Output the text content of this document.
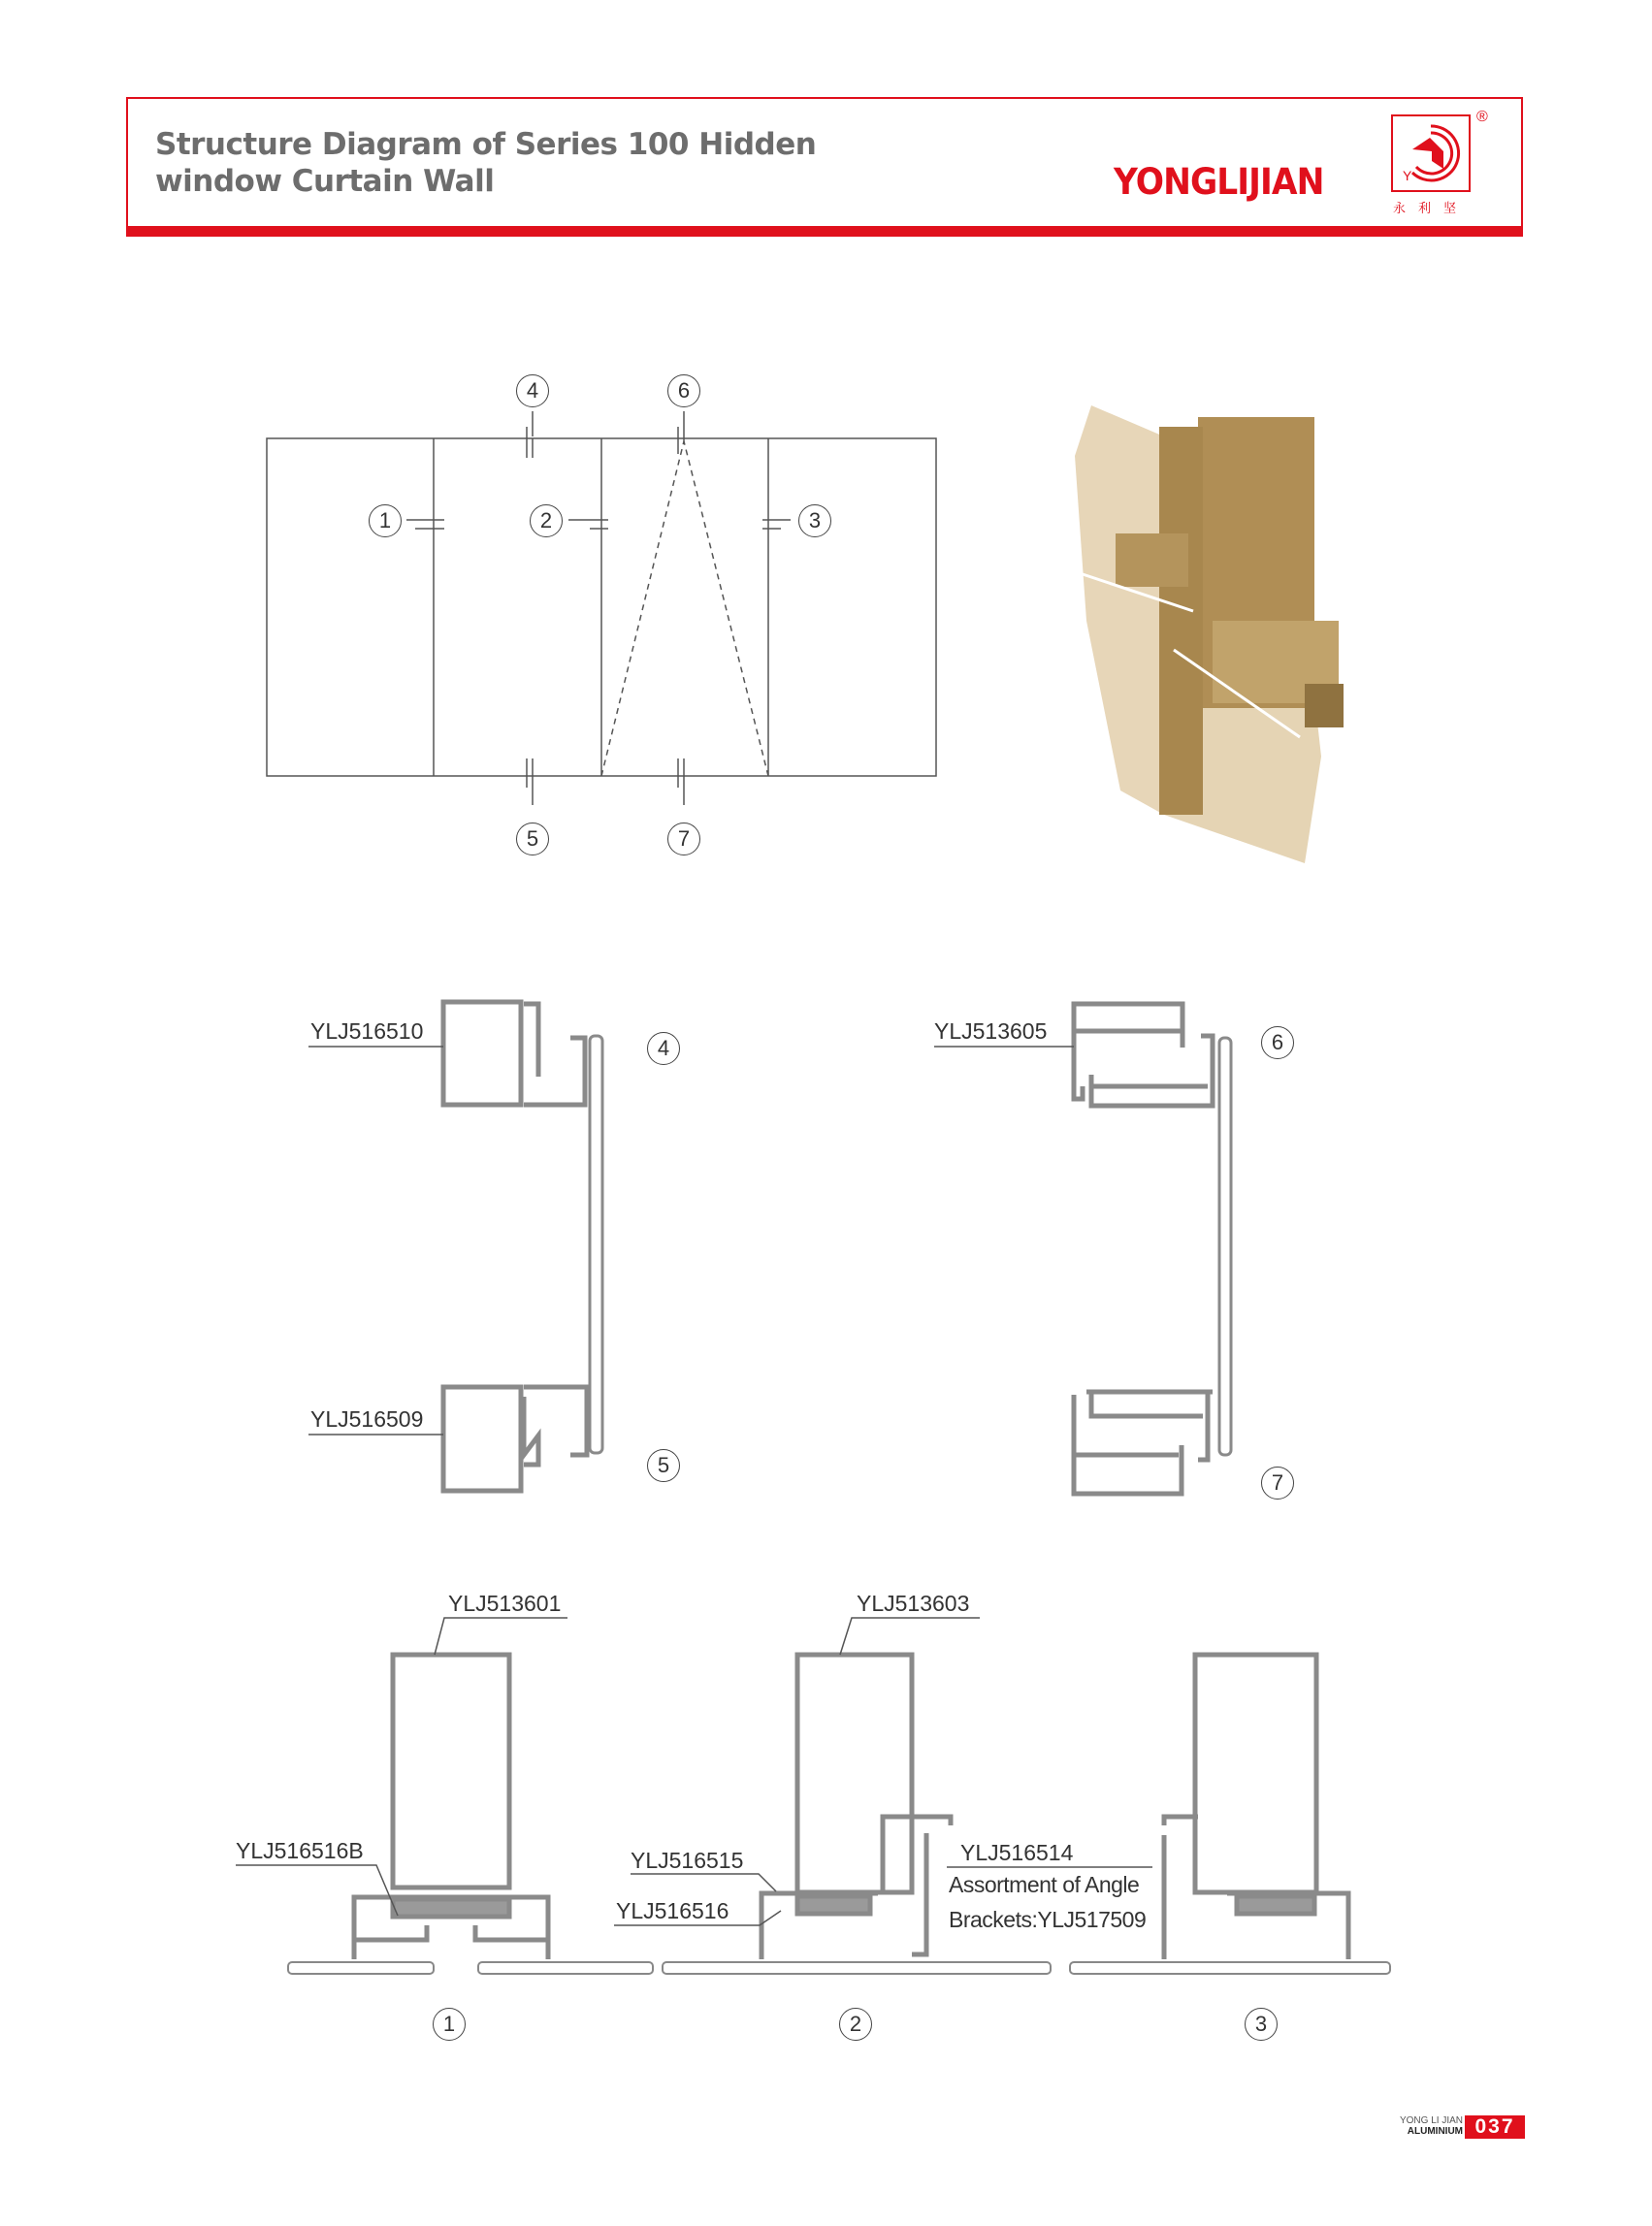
Structure Diagram of Series 100 Hidden
window Curtain Wall	YONGLIJIAN	Y
®
永利坚
4	6
1	2	3
5	7
YLJ516510
YLJ516509
YLJ513605
4
5
6
7
YLJ513601
YLJ516516B
YLJ513603
YLJ516515
YLJ516516
YLJ516514
Assortment of Angle
Brackets:YLJ517509
1	2	3
YONG LI JIAN
ALUMINIUM 037
